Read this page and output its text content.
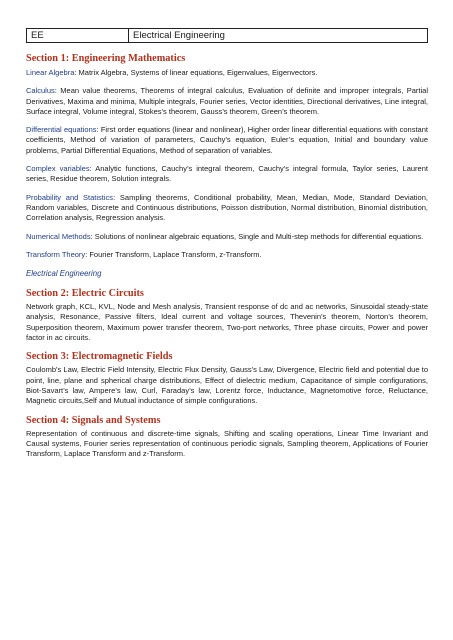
EE	Electrical Engineering
Section 1: Engineering Mathematics

Linear Algebra: Matrix Algebra, Systems of linear equations, Eigenvalues, Eigenvectors.

Calculus: Mean value theorems, Theorems of integral calculus, Evaluation of definite and improper integrals, Partial Derivatives, Maxima and minima, Multiple integrals, Fourier series, Vector identities, Directional derivatives, Line integral, Surface integral, Volume integral, Stokes’s theorem, Gauss’s theorem, Green’s theorem.

Differential equations: First order equations (linear and nonlinear), Higher order linear differential equations with constant coefficients, Method of variation of parameters, Cauchy’s equation, Euler’s equation, Initial and boundary value problems, Partial Differential Equations, Method of separation of variables.

Complex variables: Analytic functions, Cauchy’s integral theorem, Cauchy’s integral formula, Taylor series, Laurent series, Residue theorem, Solution integrals.

Probability and Statistics: Sampling theorems, Conditional probability, Mean, Median, Mode, Standard Deviation, Random variables, Discrete and Continuous distributions, Poisson distribution, Normal distribution, Binomial distribution, Correlation analysis, Regression analysis.

Numerical Methods: Solutions of nonlinear algebraic equations, Single and Multi-step methods for differential equations.

Transform Theory: Fourier Transform, Laplace Transform, z-Transform.

Electrical Engineering

Section 2: Electric Circuits

Network graph, KCL, KVL, Node and Mesh analysis, Transient response of dc and ac networks, Sinusoidal steady-state analysis, Resonance, Passive filters, Ideal current and voltage sources, Thevenin’s theorem, Norton’s theorem, Superposition theorem, Maximum power transfer theorem, Two-port networks, Three phase circuits, Power and power factor in ac circuits.

Section 3: Electromagnetic Fields

Coulomb's Law, Electric Field Intensity, Electric Flux Density, Gauss's Law, Divergence, Electric field and potential due to point, line, plane and spherical charge distributions, Effect of dielectric medium, Capacitance of simple configurations, Biot-Savart’s law, Ampere’s law, Curl, Faraday’s law, Lorentz force, Inductance, Magnetomotive force, Reluctance, Magnetic circuits,Self and Mutual inductance of simple configurations.

Section 4: Signals and Systems

Representation of continuous and discrete-time signals, Shifting and scaling operations, Linear Time Invariant and Causal systems, Fourier series representation of continuous periodic signals, Sampling theorem, Applications of Fourier Transform, Laplace Transform and z-Transform.
